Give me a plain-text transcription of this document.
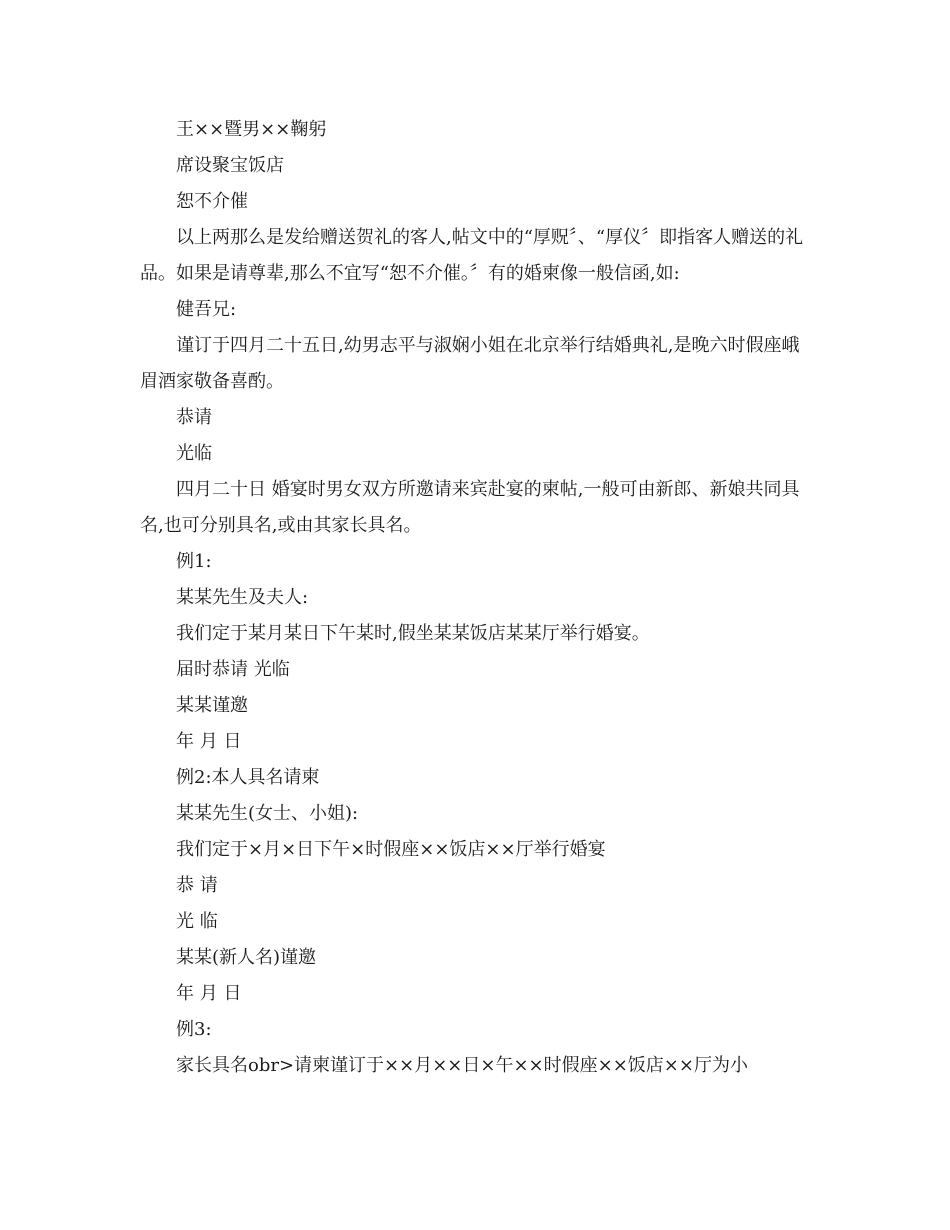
王××暨男××鞠躬

席设聚宝饭店

恕不介催

以上两那么是发给赠送贺礼的客人,帖文中的“厚贶〞、“厚仪〞即指客人赠送的礼品。如果是请尊辈,那么不宜写“恕不介催。〞有的婚柬像一般信函,如:

健吾兄:

谨订于四月二十五日,幼男志平与淑娴小姐在北京举行结婚典礼,是晚六时假座峨眉酒家敬备喜酌。

恭请

光临

四月二十日 婚宴时男女双方所邀请来宾赴宴的柬帖,一般可由新郎、新娘共同具名,也可分别具名,或由其家长具名。

例1:

某某先生及夫人:

我们定于某月某日下午某时,假坐某某饭店某某厅举行婚宴。

届时恭请 光临

某某谨邀

年 月 日

例2:本人具名请柬

某某先生(女士、小姐):

我们定于×月×日下午×时假座××饭店××厅举行婚宴

恭 请

光 临

某某(新人名)谨邀

年 月 日

例3:

家长具名obr>请柬谨订于××月××日×午××时假座××饭店××厅为小
